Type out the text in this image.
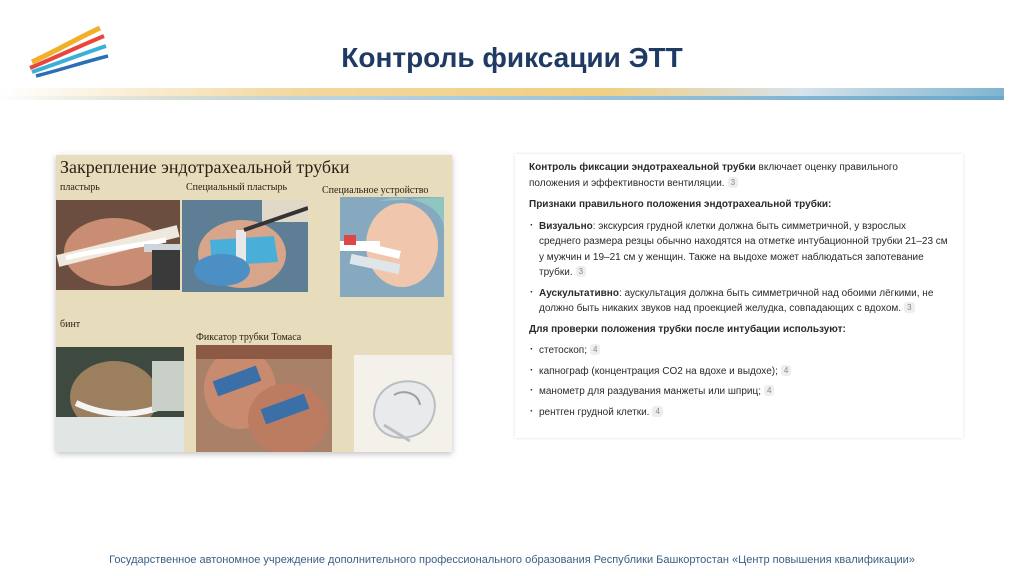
Контроль фиксации ЭТТ
Закрепление эндотрахеальной трубки
пластырь	Специальный пластырь	Специальное устройство
бинт
Фиксатор трубки Томаса

Контроль фиксации эндотрахеальной трубки включает оценку правильного положения и эффективности вентиляции. 3

Признаки правильного положения эндотрахеальной трубки:

· Визуально: экскурсия грудной клетки должна быть симметричной, у взрослых среднего размера резцы обычно находятся на отметке интубационной трубки 21–23 см у мужчин и 19–21 см у женщин. Также на выдохе может наблюдаться запотевание трубки. 3
· Аускультативно: аускультация должна быть симметричной над обоими лёгкими, не должно быть никаких звуков над проекцией желудка, совпадающих с вдохом. 3

Для проверки положения трубки после интубации используют:

· стетоскоп; 4
· капнограф (концентрация CO2 на вдохе и выдохе); 4
· манометр для раздувания манжеты или шприц; 4
· рентген грудной клетки. 4
Государственное автономное учреждение дополнительного профессионального образования Республики Башкортостан «Центр повышения квалификации»
